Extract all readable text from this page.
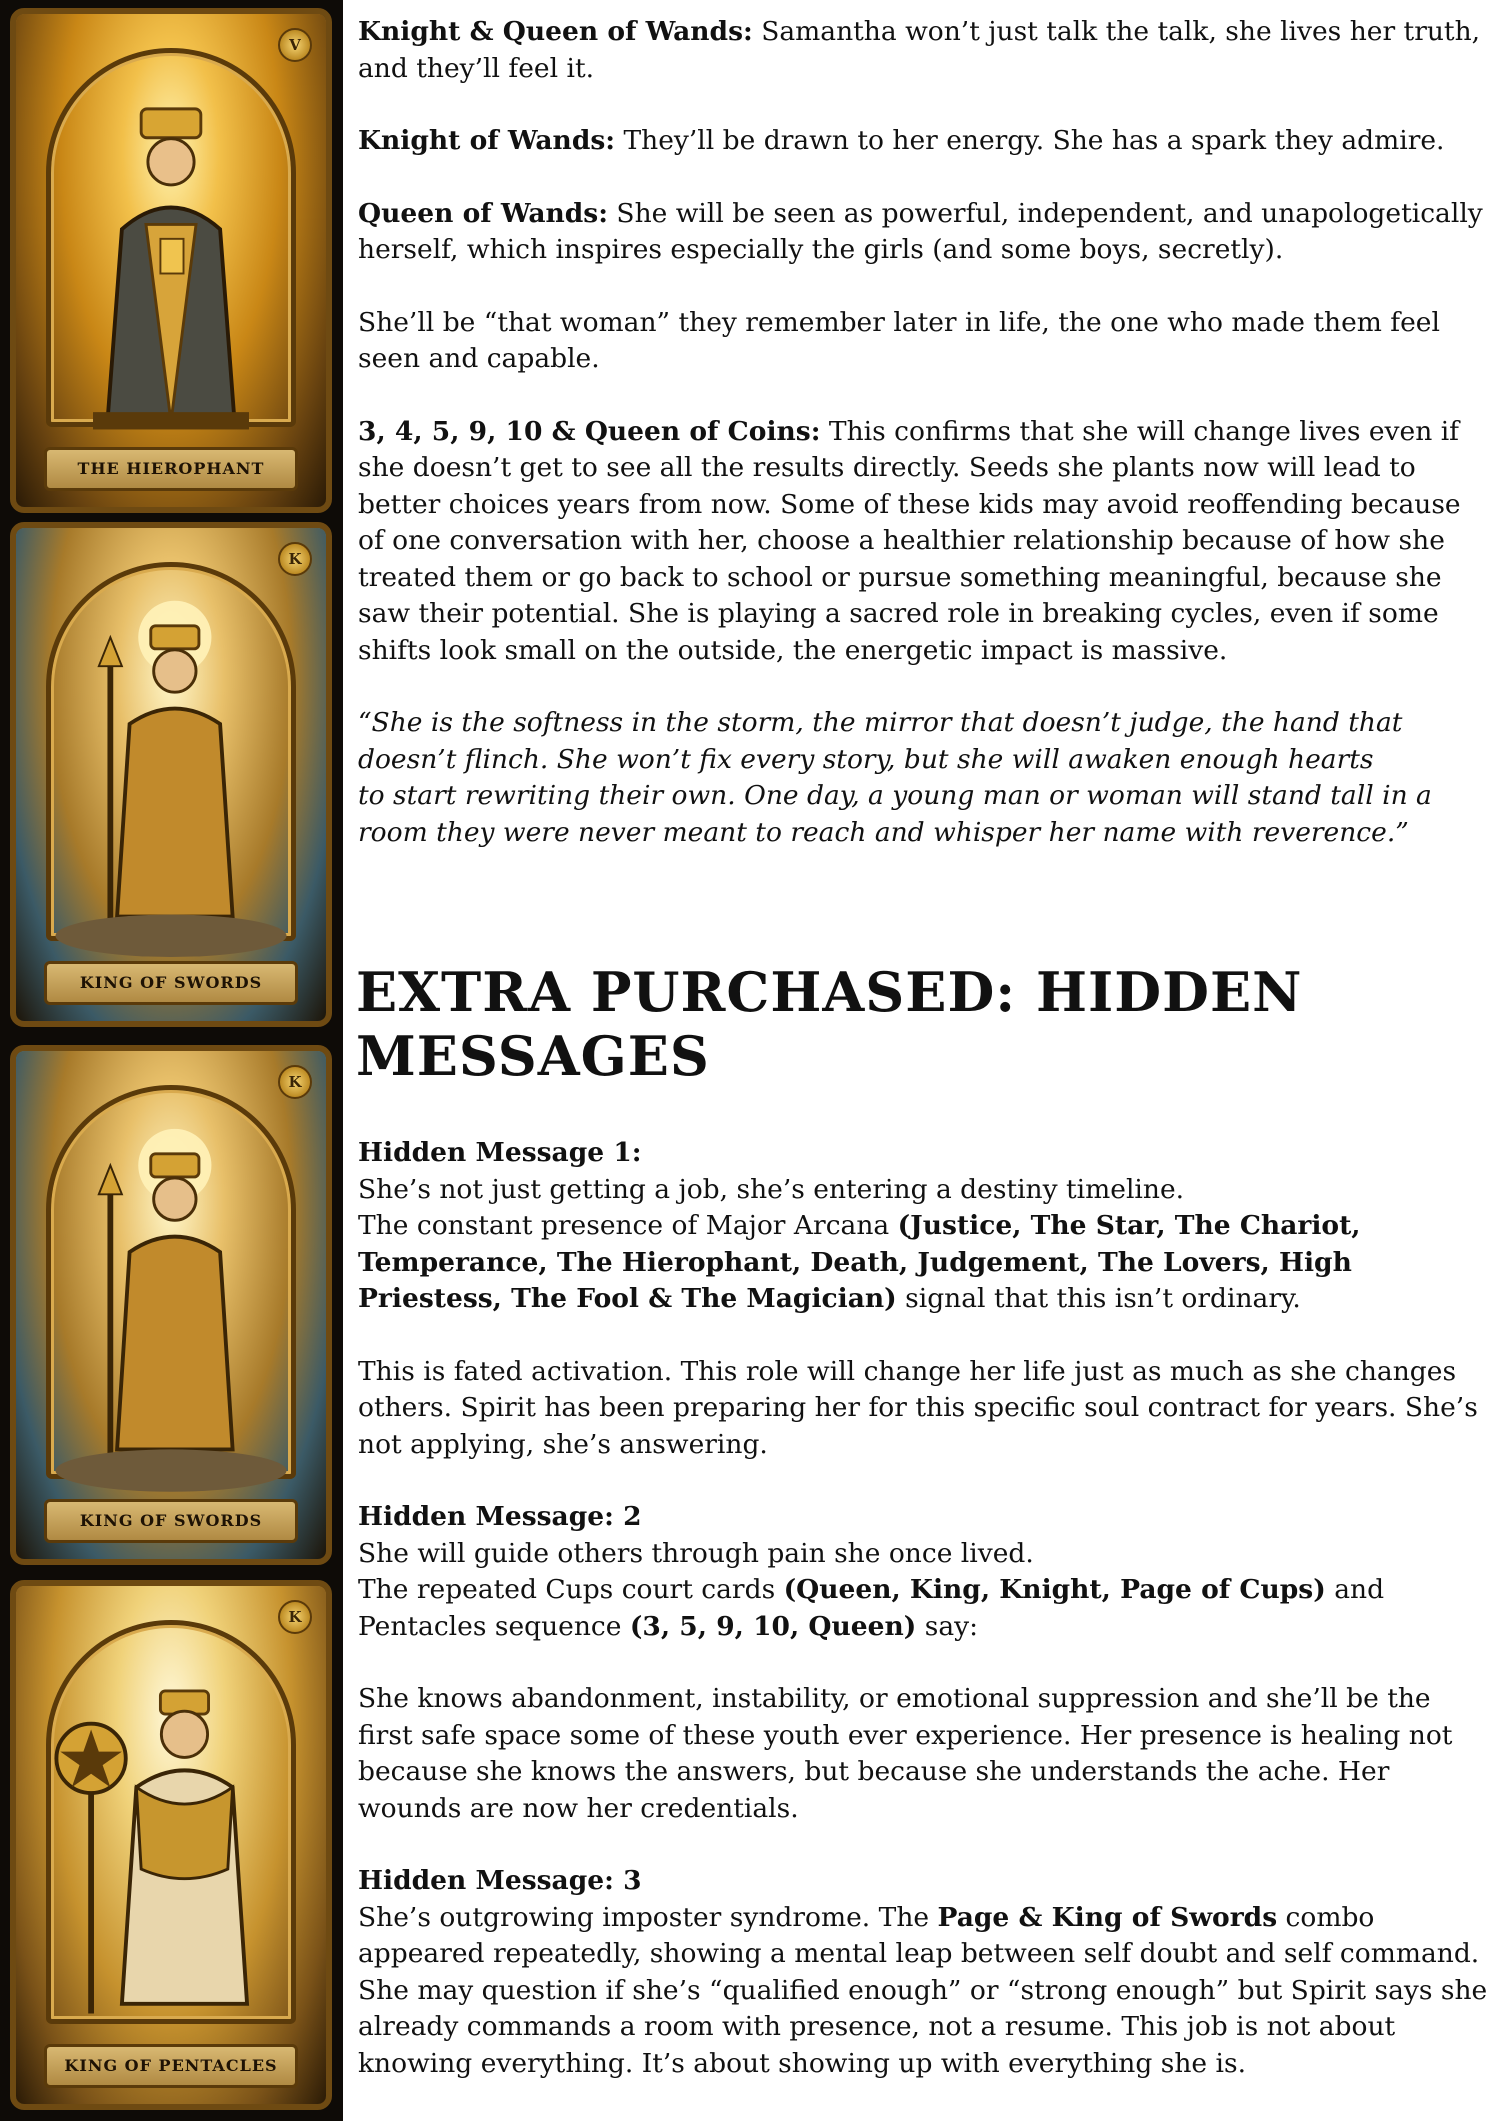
V
THE HIEROPHANT
K
KING OF SWORDS
K
KING OF SWORDS
K
KING OF PENTACLES

Knight & Queen of Wands: Samantha won’t just talk the talk, she lives her truth, and they’ll feel it.

Knight of Wands: They’ll be drawn to her energy. She has a spark they admire.

Queen of Wands: She will be seen as powerful, independent, and unapologetically herself, which inspires especially the girls (and some boys, secretly).

She’ll be “that woman” they remember later in life, the one who made them feel seen and capable.

3, 4, 5, 9, 10 & Queen of Coins: This confirms that she will change lives even if she doesn’t get to see all the results directly. Seeds she plants now will lead to better choices years from now. Some of these kids may avoid reoffending because of one conversation with her, choose a healthier relationship because of how she treated them or go back to school or pursue something meaningful, because she saw their potential. She is playing a sacred role in breaking cycles, even if some shifts look small on the outside, the energetic impact is massive.

“She is the softness in the storm, the mirror that doesn’t judge, the hand that doesn’t flinch. She won’t fix every story, but she will awaken enough hearts
to start rewriting their own. One day, a young man or woman will stand tall in a room they were never meant to reach and whisper her name with reverence.”

EXTRA PURCHASED: HIDDEN MESSAGES

Hidden Message 1:
She’s not just getting a job, she’s entering a destiny timeline.
The constant presence of Major Arcana (Justice, The Star, The Chariot, Temperance, The Hierophant, Death, Judgement, The Lovers, High Priestess, The Fool & The Magician) signal that this isn’t ordinary.

This is fated activation. This role will change her life just as much as she changes others. Spirit has been preparing her for this specific soul contract for years. She’s not applying, she’s answering.

Hidden Message: 2
She will guide others through pain she once lived.
The repeated Cups court cards (Queen, King, Knight, Page of Cups) and Pentacles sequence (3, 5, 9, 10, Queen) say:

She knows abandonment, instability, or emotional suppression and she’ll be the first safe space some of these youth ever experience. Her presence is healing not because she knows the answers, but because she understands the ache. Her wounds are now her credentials.

Hidden Message: 3
She’s outgrowing imposter syndrome. The Page & King of Swords combo appeared repeatedly, showing a mental leap between self doubt and self command. She may question if she’s “qualified enough” or “strong enough” but Spirit says she already commands a room with presence, not a resume. This job is not about knowing everything. It’s about showing up with everything she is.
